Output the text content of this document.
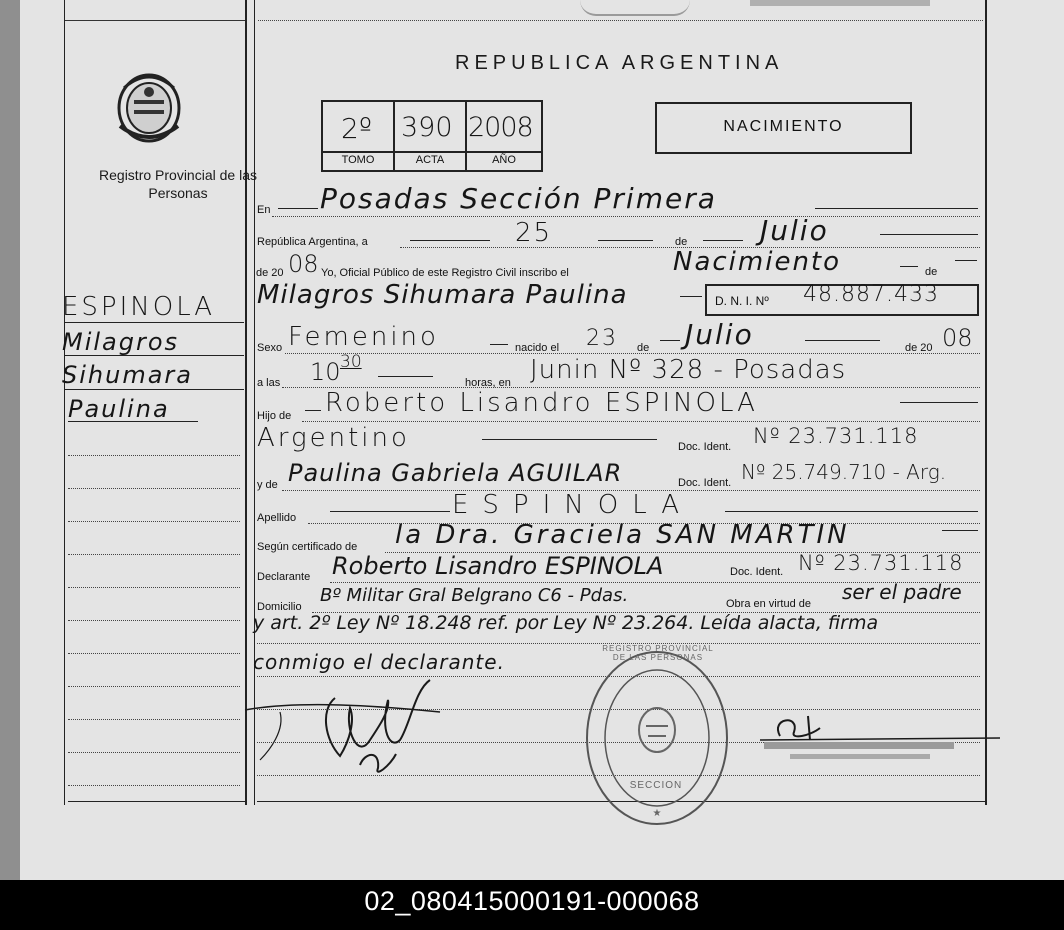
Registro Provincial de las Personas
REPUBLICA ARGENTINA
2º 390 2008
TOMO	ACTA	AÑO
NACIMIENTO
ESPINOLA
Milagros
Sihumara
Paulina
En Posadas Sección Primera
República Argentina, a	25	de	Julio
de 20 08 Yo, Oficial Público de este Registro Civil inscribo el	Nacimiento	de
Milagros Sihumara Paulina	D. N. I. Nº 48.887.433
Sexo Femenino	nacido el 23 de Julio	de 20 08
a las 10 30
horas, en Junin Nº 328 - Posadas
Hijo de Roberto Lisandro ESPINOLA
Argentino	Doc. Ident. Nº 23.731.118
y de Paulina Gabriela AGUILAR	Doc. Ident. Nº 25.749.710 - Arg.
Apellido	ESPINOLA
Según certificado de la Dra. Graciela SAN MARTIN
Declarante Roberto Lisandro ESPINOLA	Doc. Ident. Nº 23.731.118
Domicilio
Bº Militar Gral Belgrano C6 - Pdas.	Obra en virtud de ser el padre
y art. 2º Ley Nº 18.248 ref. por Ley Nº 23.264. Leída alacta, firma
conmigo el declarante.
★
REGISTRO PROVINCIAL DE LAS PERSONAS
SECCION
02_080415000191-000068
